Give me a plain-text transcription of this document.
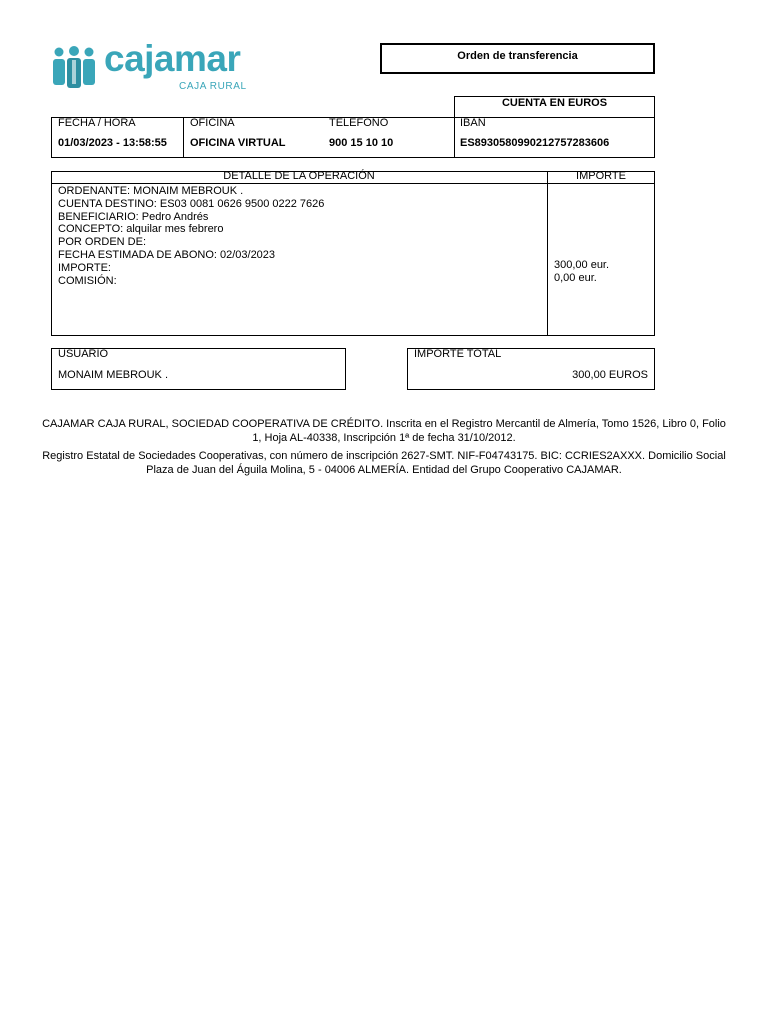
cajamar
CAJA RURAL
Orden de transferencia
CUENTA EN EUROS
FECHA / HORA
01/03/2023 - 13:58:55
OFICINA
OFICINA VIRTUAL
TELEFONO
900 15 10 10
IBAN
ES8930580990212757283606
DETALLE DE LA OPERACIÓN	IMPORTE
ORDENANTE: MONAIM MEBROUK .
CUENTA DESTINO: ES03 0081 0626 9500 0222 7626
BENEFICIARIO: Pedro Andrés
CONCEPTO: alquilar mes febrero
POR ORDEN DE:
FECHA ESTIMADA DE ABONO: 02/03/2023
IMPORTE:
COMISIÓN:
300,00 eur.
0,00 eur.
USUARIO
MONAIM MEBROUK .
IMPORTE TOTAL
300,00 EUROS
CAJAMAR CAJA RURAL, SOCIEDAD COOPERATIVA DE CRÉDITO. Inscrita en el Registro Mercantil de Almería, Tomo 1526, Libro 0, Folio 1, Hoja AL-40338, Inscripción 1ª de fecha 31/10/2012.
Registro Estatal de Sociedades Cooperativas, con número de inscripción 2627-SMT. NIF-F04743175. BIC: CCRIES2AXXX. Domicilio Social Plaza de Juan del Águila Molina, 5 - 04006 ALMERÍA. Entidad del Grupo Cooperativo CAJAMAR.
